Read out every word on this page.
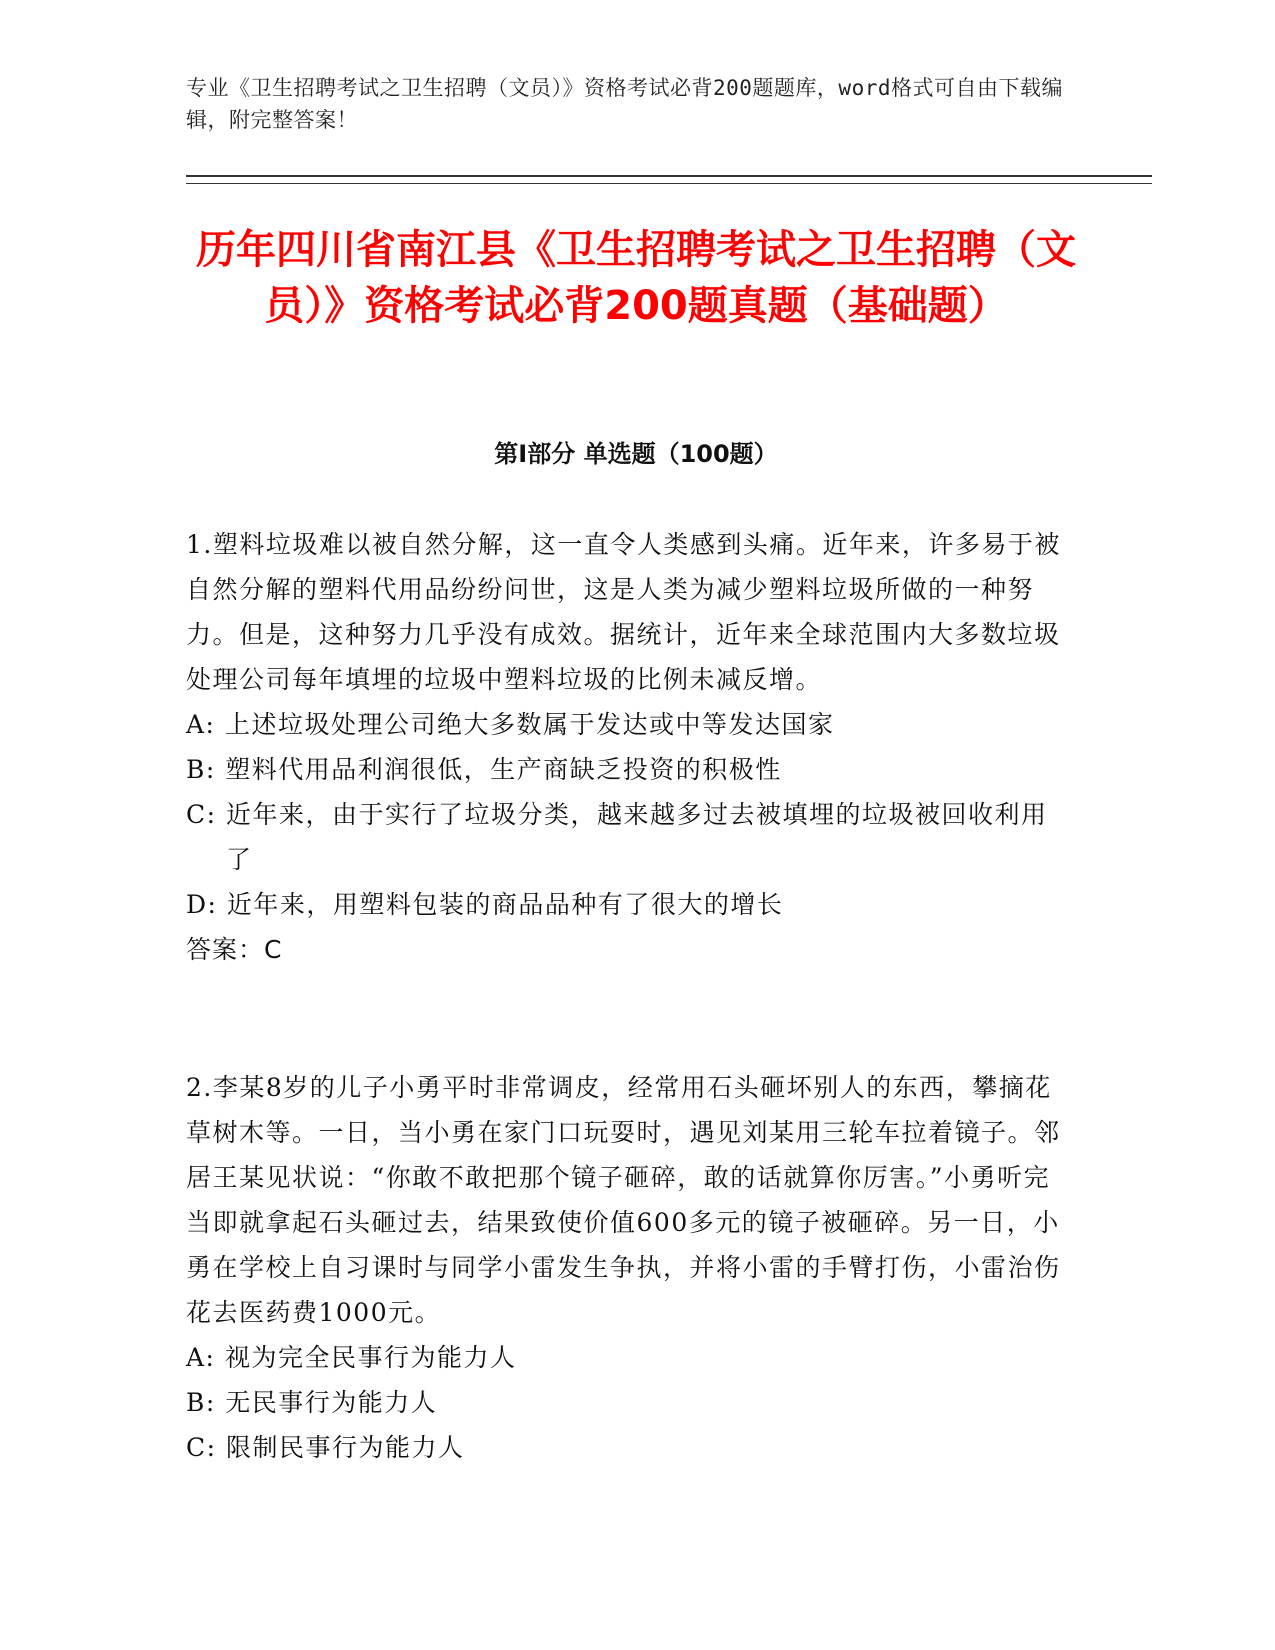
专业《卫生招聘考试之卫生招聘（文员）》资格考试必背200题题库，word格式可自由下载编辑，附完整答案！
历年四川省南江县《卫生招聘考试之卫生招聘（文员）》资格考试必背200题真题（基础题）
第Ⅰ部分 单选题（100题）

1.塑料垃圾难以被自然分解，这一直令人类感到头痛。近年来，许多易于被自然分解的塑料代用品纷纷问世，这是人类为减少塑料垃圾所做的一种努力。但是，这种努力几乎没有成效。据统计，近年来全球范围内大多数垃圾处理公司每年填埋的垃圾中塑料垃圾的比例未减反增。

A: 上述垃圾处理公司绝大多数属于发达或中等发达国家

B: 塑料代用品利润很低，生产商缺乏投资的积极性

C: 近年来，由于实行了垃圾分类，越来越多过去被填埋的垃圾被回收利用了

D: 近年来，用塑料包装的商品品种有了很大的增长

答案：C

2.李某8岁的儿子小勇平时非常调皮，经常用石头砸坏别人的东西，攀摘花草树木等。一日，当小勇在家门口玩耍时，遇见刘某用三轮车拉着镜子。邻居王某见状说：“你敢不敢把那个镜子砸碎，敢的话就算你厉害。”小勇听完当即就拿起石头砸过去，结果致使价值600多元的镜子被砸碎。另一日，小勇在学校上自习课时与同学小雷发生争执，并将小雷的手臂打伤，小雷治伤花去医药费1000元。

A: 视为完全民事行为能力人

B: 无民事行为能力人

C: 限制民事行为能力人
